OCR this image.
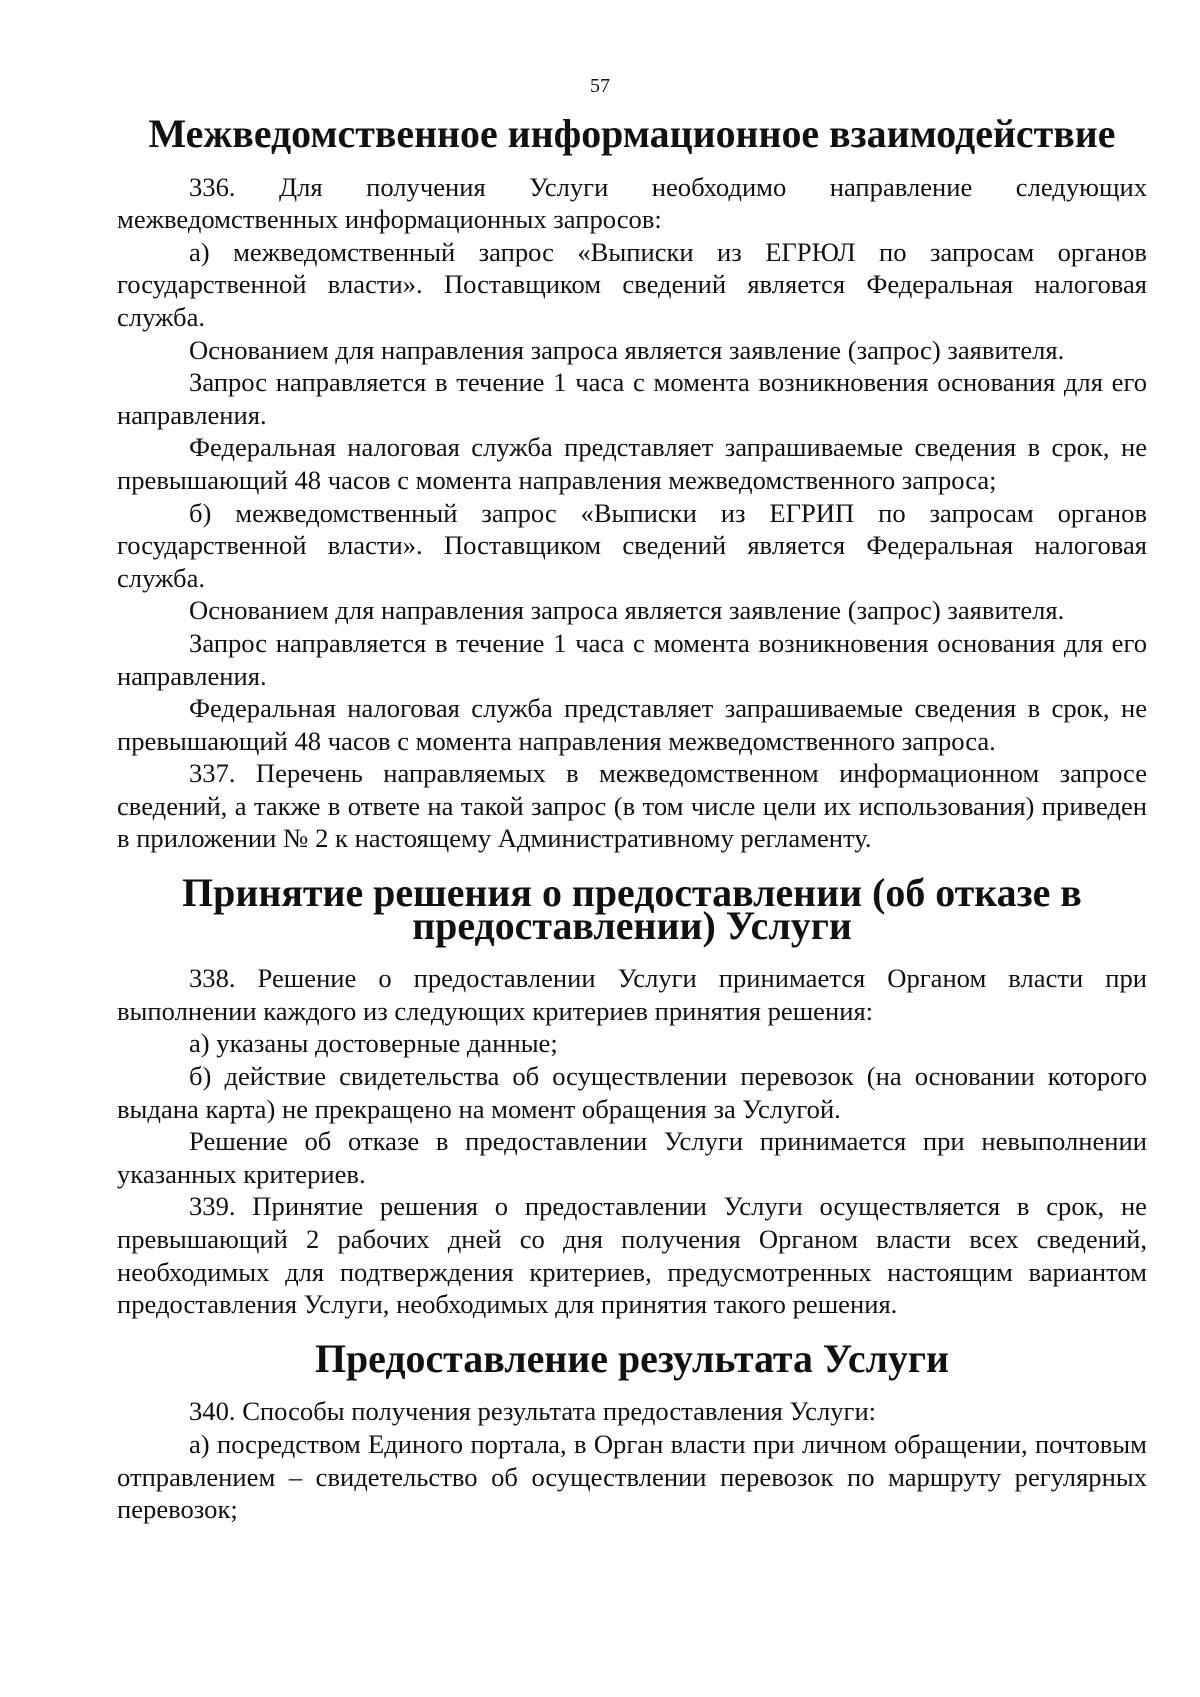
57
Межведомственное информационное взаимодействие

336. Для получения Услуги необходимо направление следующих межведомственных информационных запросов:

а) межведомственный запрос «Выписки из ЕГРЮЛ по запросам органов государственной власти». Поставщиком сведений является Федеральная налоговая служба.

Основанием для направления запроса является заявление (запрос) заявителя.

Запрос направляется в течение 1 часа с момента возникновения основания для его направления.

Федеральная налоговая служба представляет запрашиваемые сведения в срок, не превышающий 48 часов с момента направления межведомственного запроса;

б) межведомственный запрос «Выписки из ЕГРИП по запросам органов государственной власти». Поставщиком сведений является Федеральная налоговая служба.

Основанием для направления запроса является заявление (запрос) заявителя.

Запрос направляется в течение 1 часа с момента возникновения основания для его направления.

Федеральная налоговая служба представляет запрашиваемые сведения в срок, не превышающий 48 часов с момента направления межведомственного запроса.

337. Перечень направляемых в межведомственном информационном запросе сведений, а также в ответе на такой запрос (в том числе цели их использования) приведен в приложении № 2 к настоящему Административному регламенту.

Принятие решения о предоставлении (об отказе в предоставлении) Услуги

338. Решение о предоставлении Услуги принимается Органом власти при выполнении каждого из следующих критериев принятия решения:

а) указаны достоверные данные;

б) действие свидетельства об осуществлении перевозок (на основании которого выдана карта) не прекращено на момент обращения за Услугой.

Решение об отказе в предоставлении Услуги принимается при невыполнении указанных критериев.

339. Принятие решения о предоставлении Услуги осуществляется в срок, не превышающий 2 рабочих дней со дня получения Органом власти всех сведений, необходимых для подтверждения критериев, предусмотренных настоящим вариантом предоставления Услуги, необходимых для принятия такого решения.

Предоставление результата Услуги

340. Способы получения результата предоставления Услуги:

а) посредством Единого портала, в Орган власти при личном обращении, почтовым отправлением – свидетельство об осуществлении перевозок по маршруту регулярных перевозок;
